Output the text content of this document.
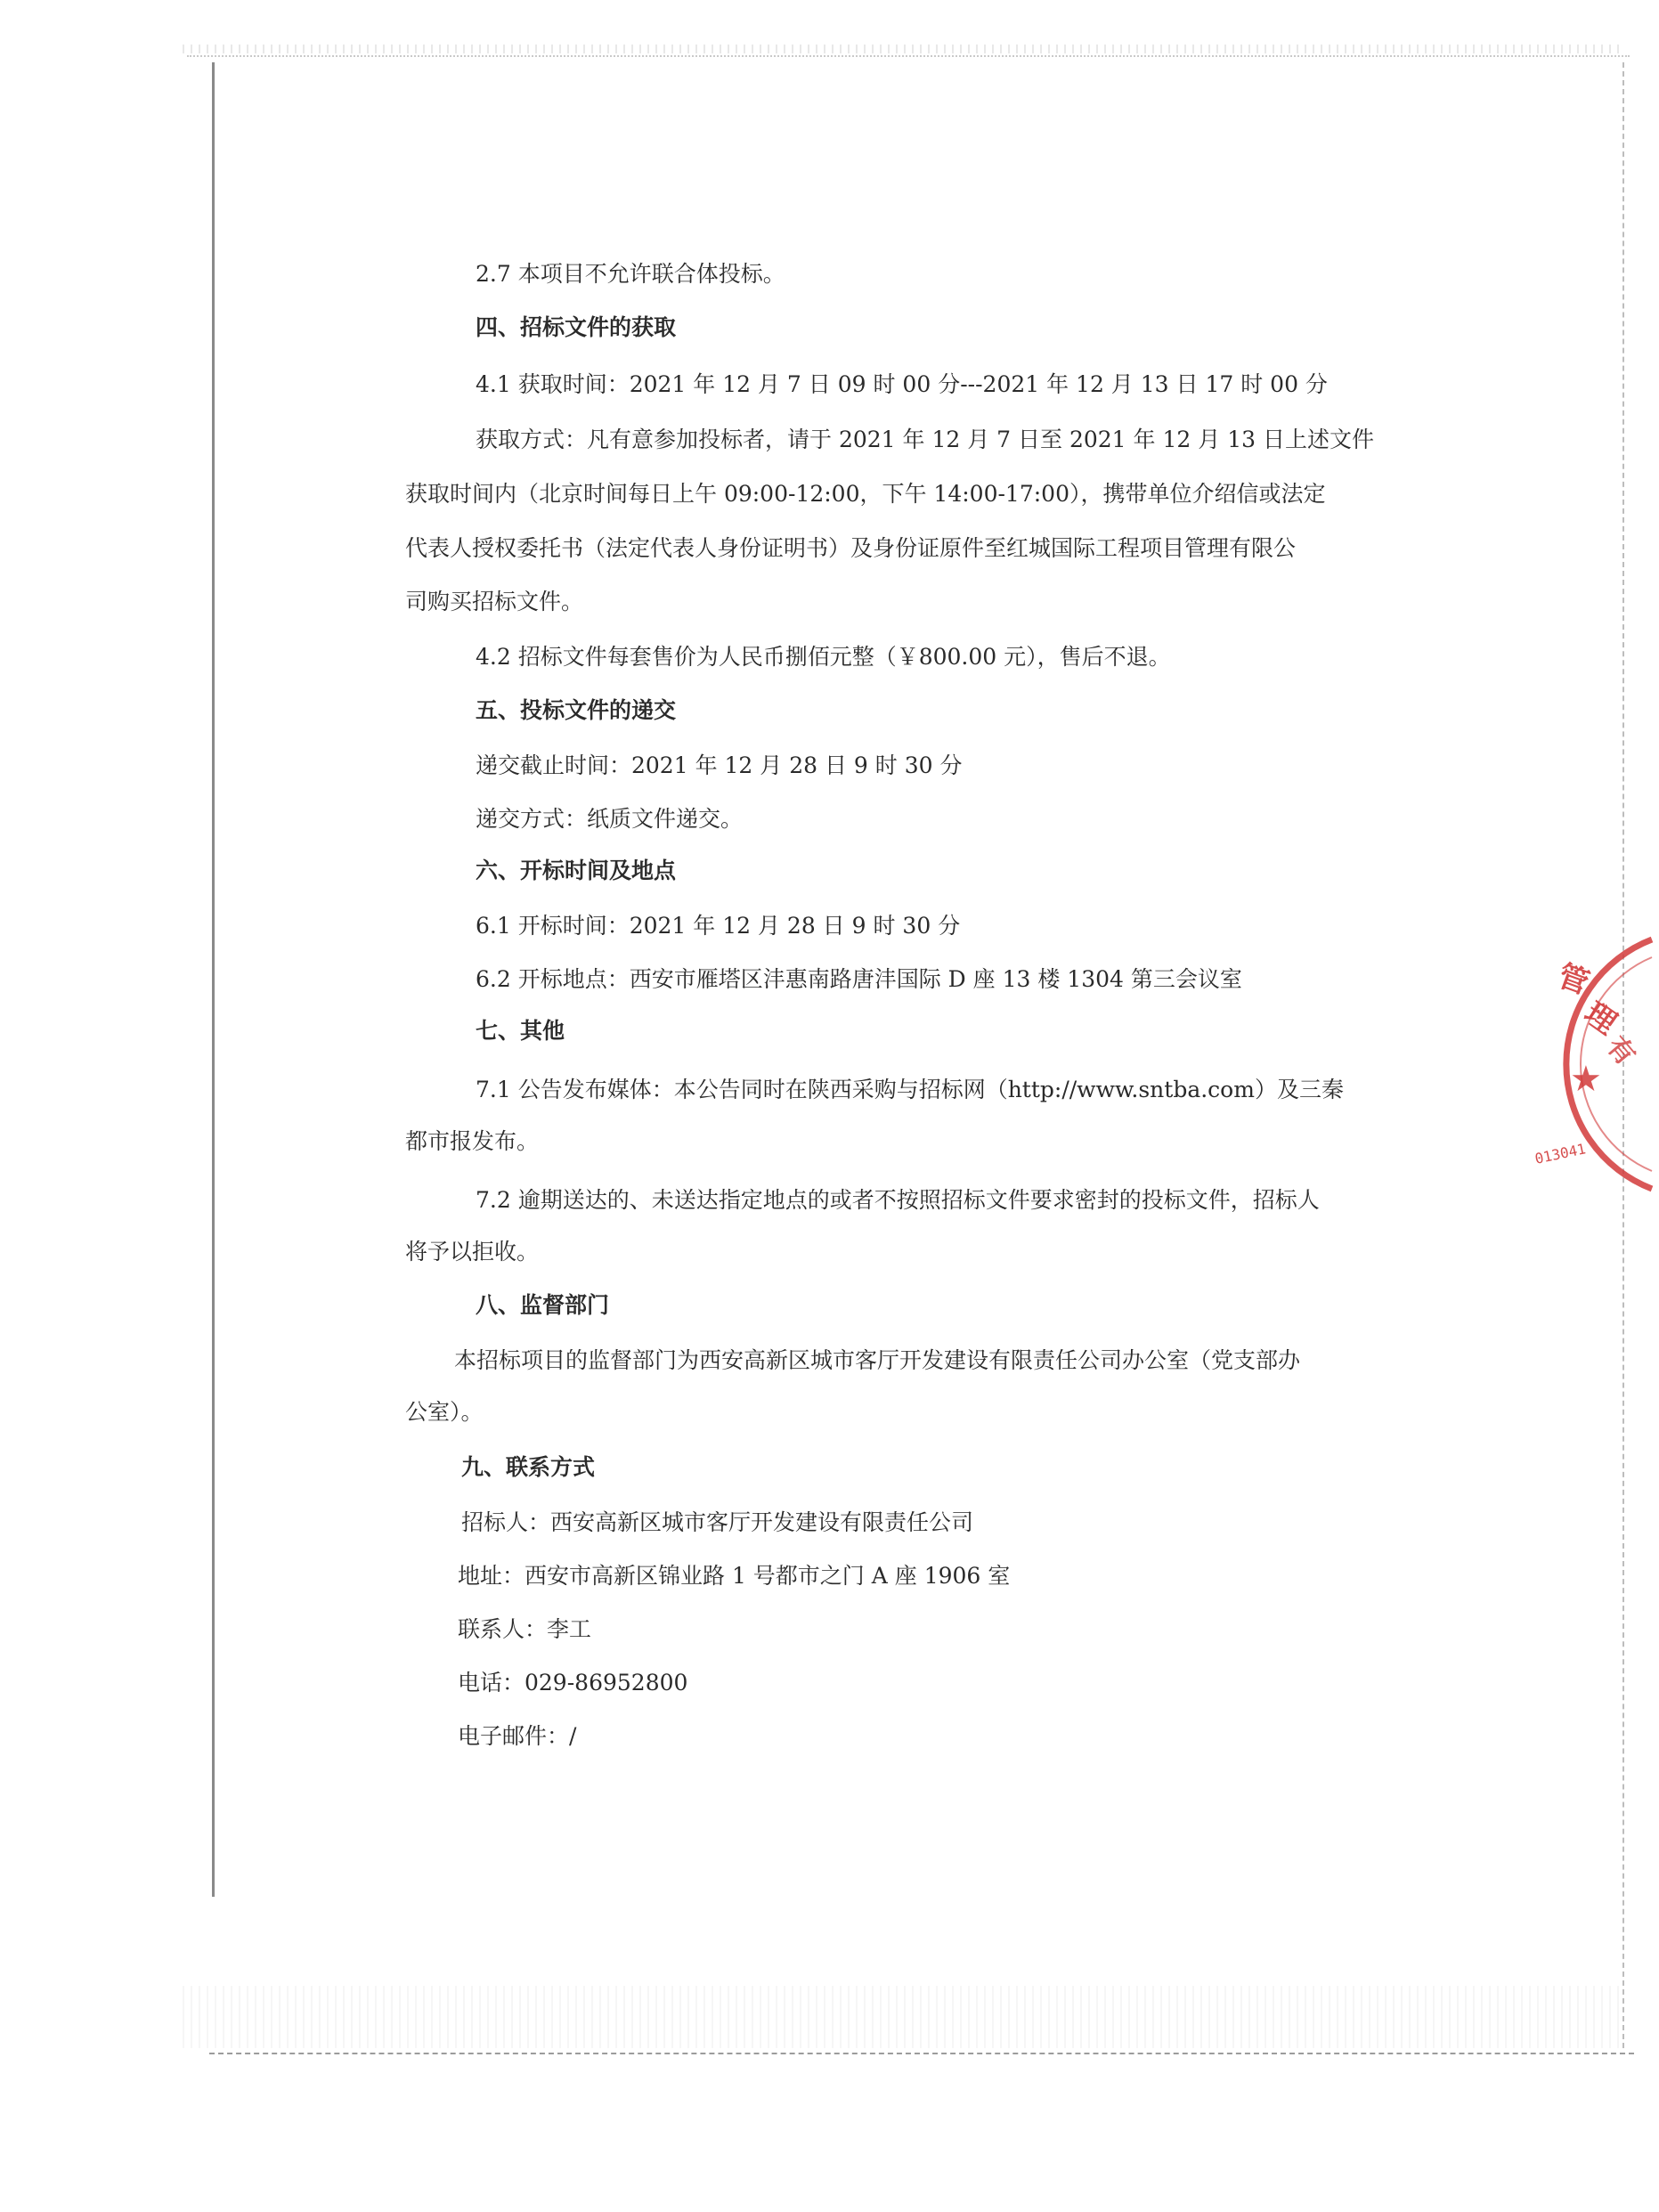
2.7 本项目不允许联合体投标。

四、招标文件的获取

4.1 获取时间：2021 年 12 月 7 日 09 时 00 分---2021 年 12 月 13 日 17 时 00 分

获取方式：凡有意参加投标者，请于 2021 年 12 月 7 日至 2021 年 12 月 13 日上述文件

获取时间内（北京时间每日上午 09:00-12:00，下午 14:00-17:00），携带单位介绍信或法定

代表人授权委托书（法定代表人身份证明书）及身份证原件至红城国际工程项目管理有限公

司购买招标文件。

4.2 招标文件每套售价为人民币捌佰元整（￥800.00 元），售后不退。

五、投标文件的递交

递交截止时间：2021 年 12 月 28 日 9 时 30 分

递交方式：纸质文件递交。

六、开标时间及地点

6.1 开标时间：2021 年 12 月 28 日 9 时 30 分

6.2 开标地点：西安市雁塔区沣惠南路唐沣国际 D 座 13 楼 1304 第三会议室

七、其他

7.1 公告发布媒体：本公告同时在陕西采购与招标网（http://www.sntba.com）及三秦

都市报发布。

7.2 逾期送达的、未送达指定地点的或者不按照招标文件要求密封的投标文件，招标人

将予以拒收。

八、监督部门

本招标项目的监督部门为西安高新区城市客厅开发建设有限责任公司办公室（党支部办

公室）。

九、联系方式

招标人：西安高新区城市客厅开发建设有限责任公司

地址：西安市高新区锦业路 1 号都市之门 A 座 1906 室

联系人：李工

电话：029-86952800

电子邮件：/

管
理
有
★
013041
